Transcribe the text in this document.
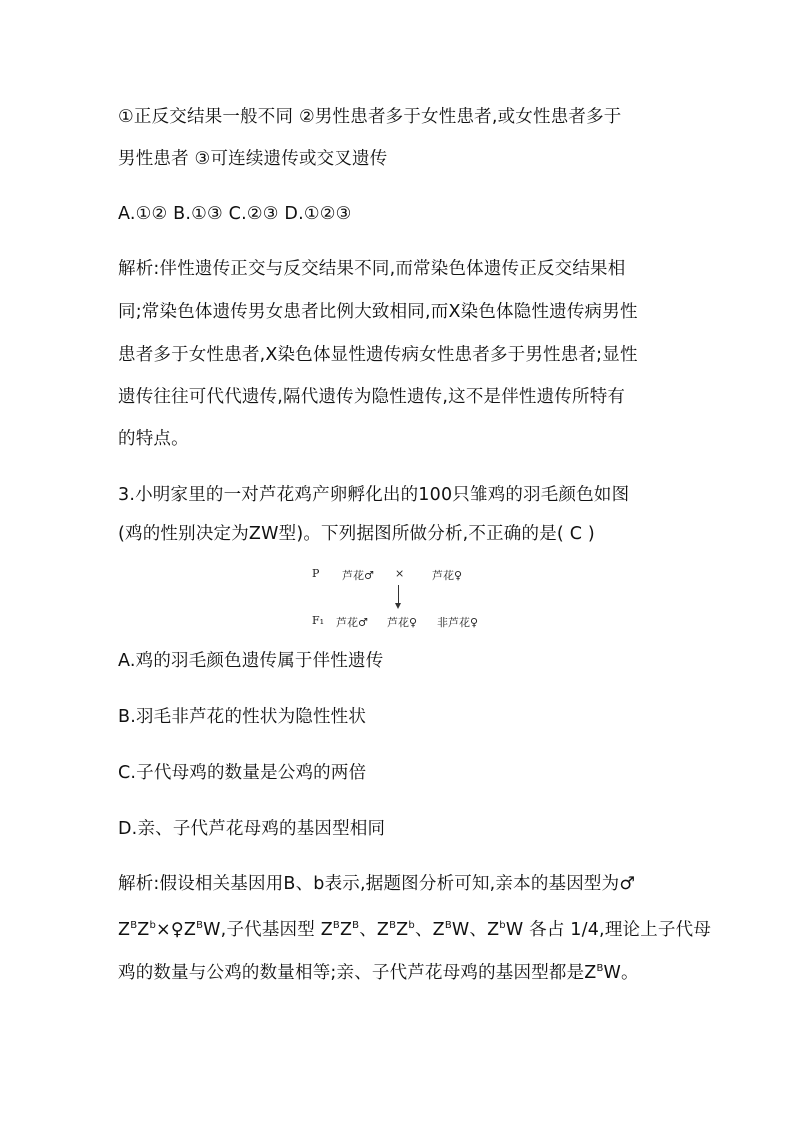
①正反交结果一般不同 ②男性患者多于女性患者,或女性患者多于
男性患者 ③可连续遗传或交叉遗传
A.①② B.①③ C.②③ D.①②③
解析:伴性遗传正交与反交结果不同,而常染色体遗传正反交结果相
同;常染色体遗传男女患者比例大致相同,而X染色体隐性遗传病男性
患者多于女性患者,X染色体显性遗传病女性患者多于男性患者;显性
遗传往往可代代遗传,隔代遗传为隐性遗传,这不是伴性遗传所特有
的特点。
3.小明家里的一对芦花鸡产卵孵化出的100只雏鸡的羽毛颜色如图
(鸡的性别决定为ZW型)。下列据图所做分析,不正确的是( C )
P 芦花♂ ×	芦花♀
F₁ 芦花♂ 芦花♀ 非芦花♀
A.鸡的羽毛颜色遗传属于伴性遗传
B.羽毛非芦花的性状为隐性性状
C.子代母鸡的数量是公鸡的两倍
D.亲、子代芦花母鸡的基因型相同
解析:假设相关基因用B、b表示,据题图分析可知,亲本的基因型为♂
$Z^BZ^b\times♀Z^BW$,子代基因型 $Z^BZ^B$、$Z^BZ^b$、$Z^BW$、$Z^bW$ 各占 1/4,理论上子代母
鸡的数量与公鸡的数量相等;亲、子代芦花母鸡的基因型都是$Z^BW$。
